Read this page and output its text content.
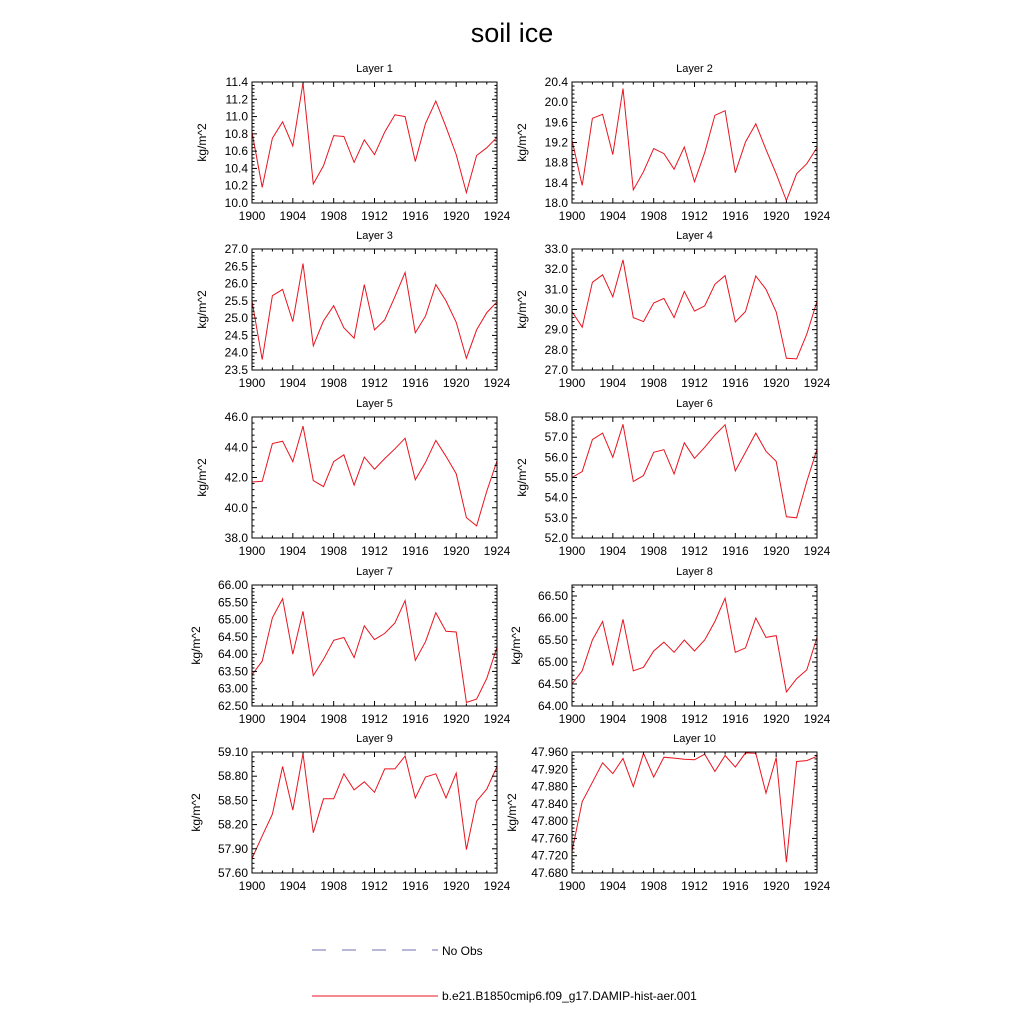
soil ice
Layer 1
1900 1904 1908 1912 1916 1920 1924
10.0
10.2
10.4
10.6
10.8
11.0
11.2
11.4
kg/m^2
Layer 2
1900 1904 1908 1912 1916 1920 1924
18.0
18.4
18.8
19.2
19.6
20.0
20.4
kg/m^2
Layer 3
1900 1904 1908 1912 1916 1920 1924
23.5
24.0
24.5
25.0
25.5
26.0
26.5
27.0
kg/m^2
Layer 4
1900 1904 1908 1912 1916 1920 1924
27.0
28.0
29.0
30.0
31.0
32.0
33.0
kg/m^2
Layer 5
1900 1904 1908 1912 1916 1920 1924
38.0
40.0
42.0
44.0
46.0
kg/m^2
Layer 6
1900 1904 1908 1912 1916 1920 1924
52.0
53.0
54.0
55.0
56.0
57.0
58.0
kg/m^2
Layer 7
1900 1904 1908 1912 1916 1920 1924
62.50
63.00
63.50
64.00
64.50
65.00
65.50
66.00
kg/m^2
Layer 8
1900 1904 1908 1912 1916 1920 1924
64.00
64.50
65.00
65.50
66.00
66.50
kg/m^2
Layer 9
1900 1904 1908 1912 1916 1920 1924
57.60
57.90
58.20
58.50
58.80
59.10
kg/m^2
Layer 10
1900 1904 1908 1912 1916 1920 1924
47.680
47.720
47.760
47.800
47.840
47.880
47.920
47.960
kg/m^2
No Obs
b.e21.B1850cmip6.f09_g17.DAMIP-hist-aer.001
